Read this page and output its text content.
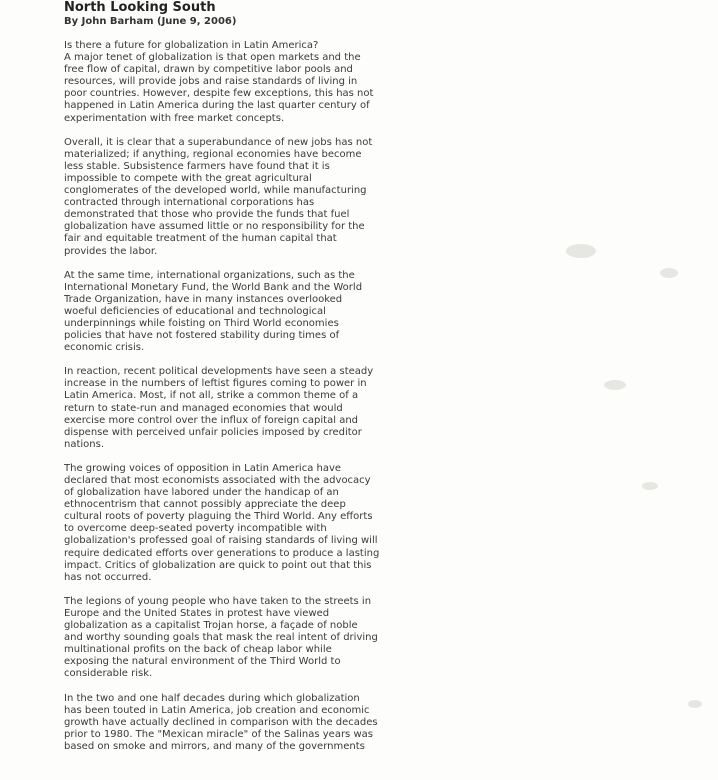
North Looking South

By John Barham (June 9, 2006)

Is there a future for globalization in Latin America?
A major tenet of globalization is that open markets and the
free flow of capital, drawn by competitive labor pools and
resources, will provide jobs and raise standards of living in
poor countries. However, despite few exceptions, this has not
happened in Latin America during the last quarter century of
experimentation with free market concepts.

Overall, it is clear that a superabundance of new jobs has not
materialized; if anything, regional economies have become
less stable. Subsistence farmers have found that it is
impossible to compete with the great agricultural
conglomerates of the developed world, while manufacturing
contracted through international corporations has
demonstrated that those who provide the funds that fuel
globalization have assumed little or no responsibility for the
fair and equitable treatment of the human capital that
provides the labor.

At the same time, international organizations, such as the
International Monetary Fund, the World Bank and the World
Trade Organization, have in many instances overlooked
woeful deficiencies of educational and technological
underpinnings while foisting on Third World economies
policies that have not fostered stability during times of
economic crisis.

In reaction, recent political developments have seen a steady
increase in the numbers of leftist figures coming to power in
Latin America. Most, if not all, strike a common theme of a
return to state-run and managed economies that would
exercise more control over the influx of foreign capital and
dispense with perceived unfair policies imposed by creditor
nations.

The growing voices of opposition in Latin America have
declared that most economists associated with the advocacy
of globalization have labored under the handicap of an
ethnocentrism that cannot possibly appreciate the deep
cultural roots of poverty plaguing the Third World. Any efforts
to overcome deep-seated poverty incompatible with
globalization's professed goal of raising standards of living will
require dedicated efforts over generations to produce a lasting
impact. Critics of globalization are quick to point out that this
has not occurred.

The legions of young people who have taken to the streets in
Europe and the United States in protest have viewed
globalization as a capitalist Trojan horse, a façade of noble
and worthy sounding goals that mask the real intent of driving
multinational profits on the back of cheap labor while
exposing the natural environment of the Third World to
considerable risk.

In the two and one half decades during which globalization
has been touted in Latin America, job creation and economic
growth have actually declined in comparison with the decades
prior to 1980. The "Mexican miracle" of the Salinas years was
based on smoke and mirrors, and many of the governments
